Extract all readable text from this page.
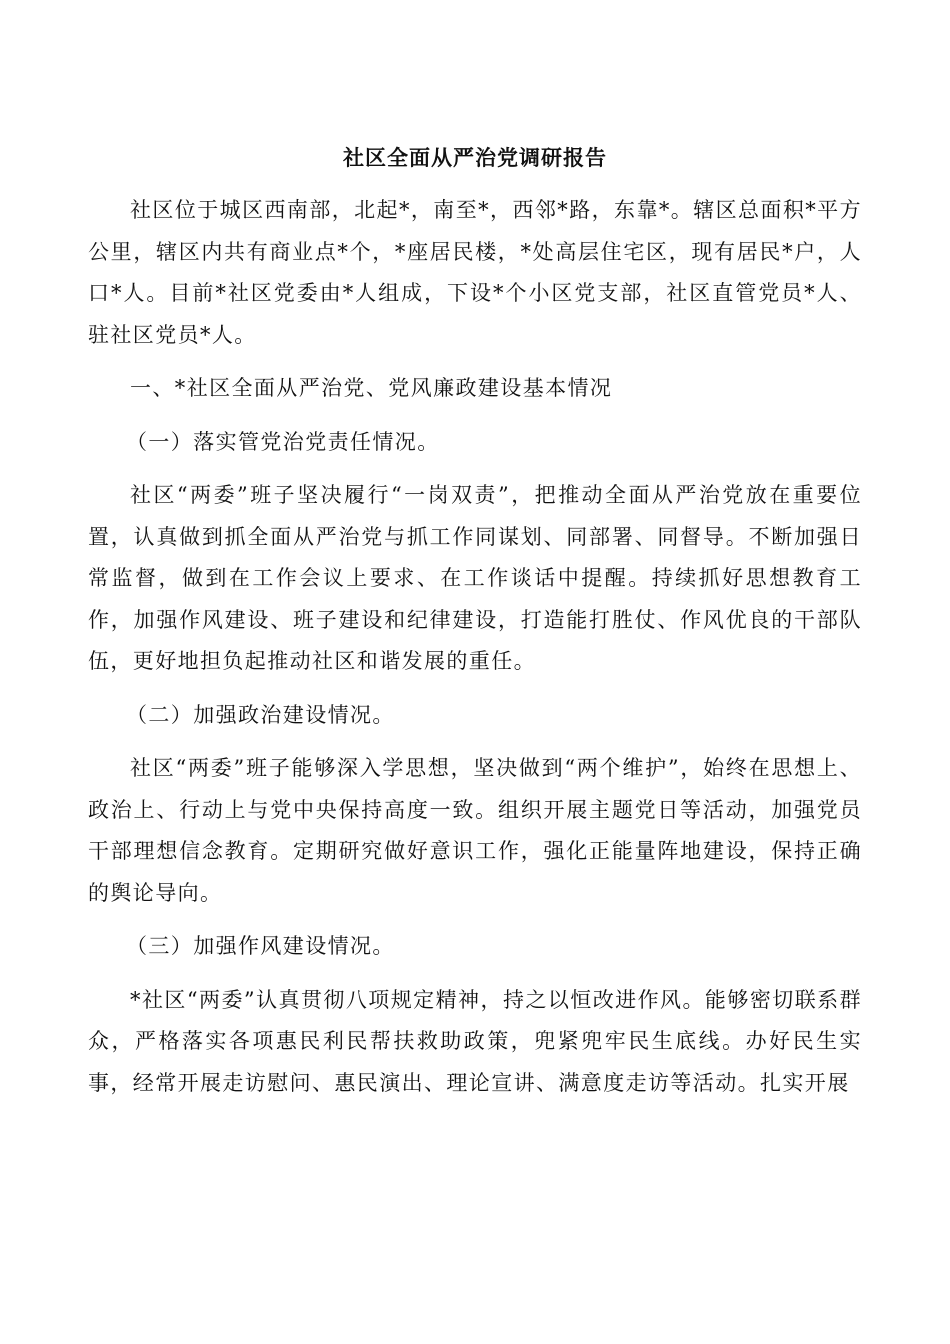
社区全面从严治党调研报告

社区位于城区西南部，北起*，南至*，西邻*路，东靠*。辖区总面积*平方公里，辖区内共有商业点*个，*座居民楼，*处高层住宅区，现有居民*户，人口*人。目前*社区党委由*人组成，下设*个小区党支部，社区直管党员*人、驻社区党员*人。

一、*社区全面从严治党、党风廉政建设基本情况

（一）落实管党治党责任情况。

社区“两委”班子坚决履行“一岗双责”，把推动全面从严治党放在重要位置，认真做到抓全面从严治党与抓工作同谋划、同部署、同督导。不断加强日常监督，做到在工作会议上要求、在工作谈话中提醒。持续抓好思想教育工作，加强作风建设、班子建设和纪律建设，打造能打胜仗、作风优良的干部队伍，更好地担负起推动社区和谐发展的重任。

（二）加强政治建设情况。

社区“两委”班子能够深入学思想，坚决做到“两个维护”，始终在思想上、政治上、行动上与党中央保持高度一致。组织开展主题党日等活动，加强党员干部理想信念教育。定期研究做好意识工作，强化正能量阵地建设，保持正确的舆论导向。

（三）加强作风建设情况。

*社区“两委”认真贯彻八项规定精神，持之以恒改进作风。能够密切联系群众，严格落实各项惠民利民帮扶救助政策，兜紧兜牢民生底线。办好民生实事，经常开展走访慰问、惠民演出、理论宣讲、满意度走访等活动。扎实开展
